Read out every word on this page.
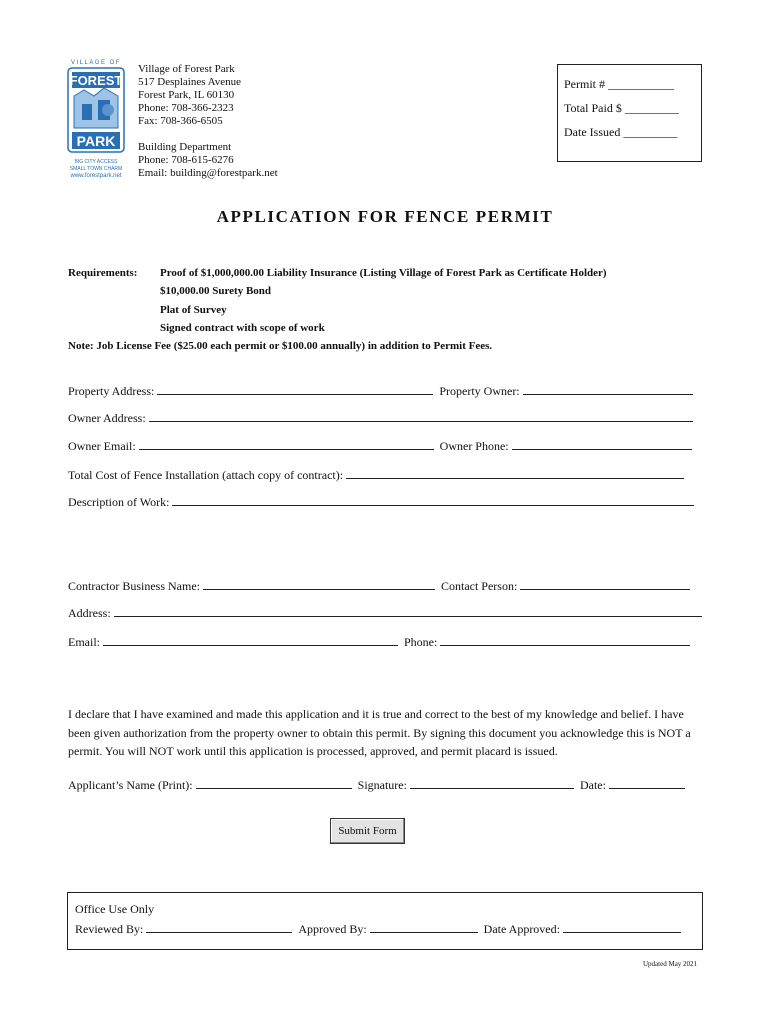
VILLAGE OF
FOREST
PARK
BIG CITY ACCESS
SMALL TOWN CHARM
www.forestpark.net
Village of Forest Park
517 Desplaines Avenue
Forest Park, IL 60130
Phone: 708-366-2323
Fax: 708-366-6505
Building Department
Phone: 708-615-6276
Email: building@forestpark.net
Permit # ___________
Total Paid $ _________
Date Issued _________
APPLICATION FOR FENCE PERMIT
Requirements:	Proof of $1,000,000.00 Liability Insurance (Listing Village of Forest Park as Certificate Holder)
$10,000.00 Surety Bond
Plat of Survey
Signed contract with scope of work
Note: Job License Fee ($25.00 each permit or $100.00 annually) in addition to Permit Fees.
Property Address:	Property Owner:
Owner Address:
Owner Email:	Owner Phone:
Total Cost of Fence Installation (attach copy of contract):
Description of Work:
Contractor Business Name:	Contact Person:
Address:
Email:	Phone:
I declare that I have examined and made this application and it is true and correct to the best of my knowledge and belief. I have been given authorization from the property owner to obtain this permit. By signing this document you acknowledge this is NOT a permit. You will NOT work until this application is processed, approved, and permit placard is issued.
Applicant’s Name (Print):	Signature:	Date:
Submit Form
Office Use Only
Reviewed By:	Approved By:	Date Approved:
Updated May 2021
